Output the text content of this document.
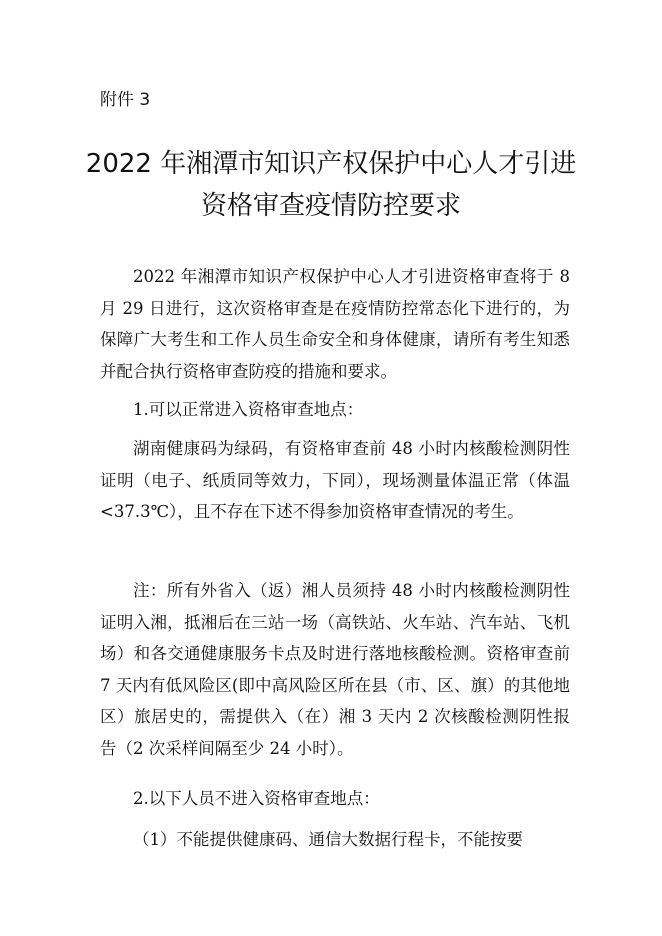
附件 3
2022 年湘潭市知识产权保护中心人才引进
资格审查疫情防控要求

2022 年湘潭市知识产权保护中心人才引进资格审查将于 8 月 29 日进行，这次资格审查是在疫情防控常态化下进行的，为保障广大考生和工作人员生命安全和身体健康，请所有考生知悉并配合执行资格审查防疫的措施和要求。

1.可以正常进入资格审查地点：

湖南健康码为绿码，有资格审查前 48 小时内核酸检测阴性证明（电子、纸质同等效力，下同），现场测量体温正常（体温<37.3℃），且不存在下述不得参加资格审查情况的考生。

注：所有外省入（返）湘人员须持 48 小时内核酸检测阴性证明入湘，抵湘后在三站一场（高铁站、火车站、汽车站、飞机场）和各交通健康服务卡点及时进行落地核酸检测。资格审查前 7 天内有低风险区(即中高风险区所在县（市、区、旗）的其他地区）旅居史的，需提供入（在）湘 3 天内 2 次核酸检测阴性报告（2 次采样间隔至少 24 小时）。

2.以下人员不进入资格审查地点：

（1）不能提供健康码、通信大数据行程卡，不能按要
